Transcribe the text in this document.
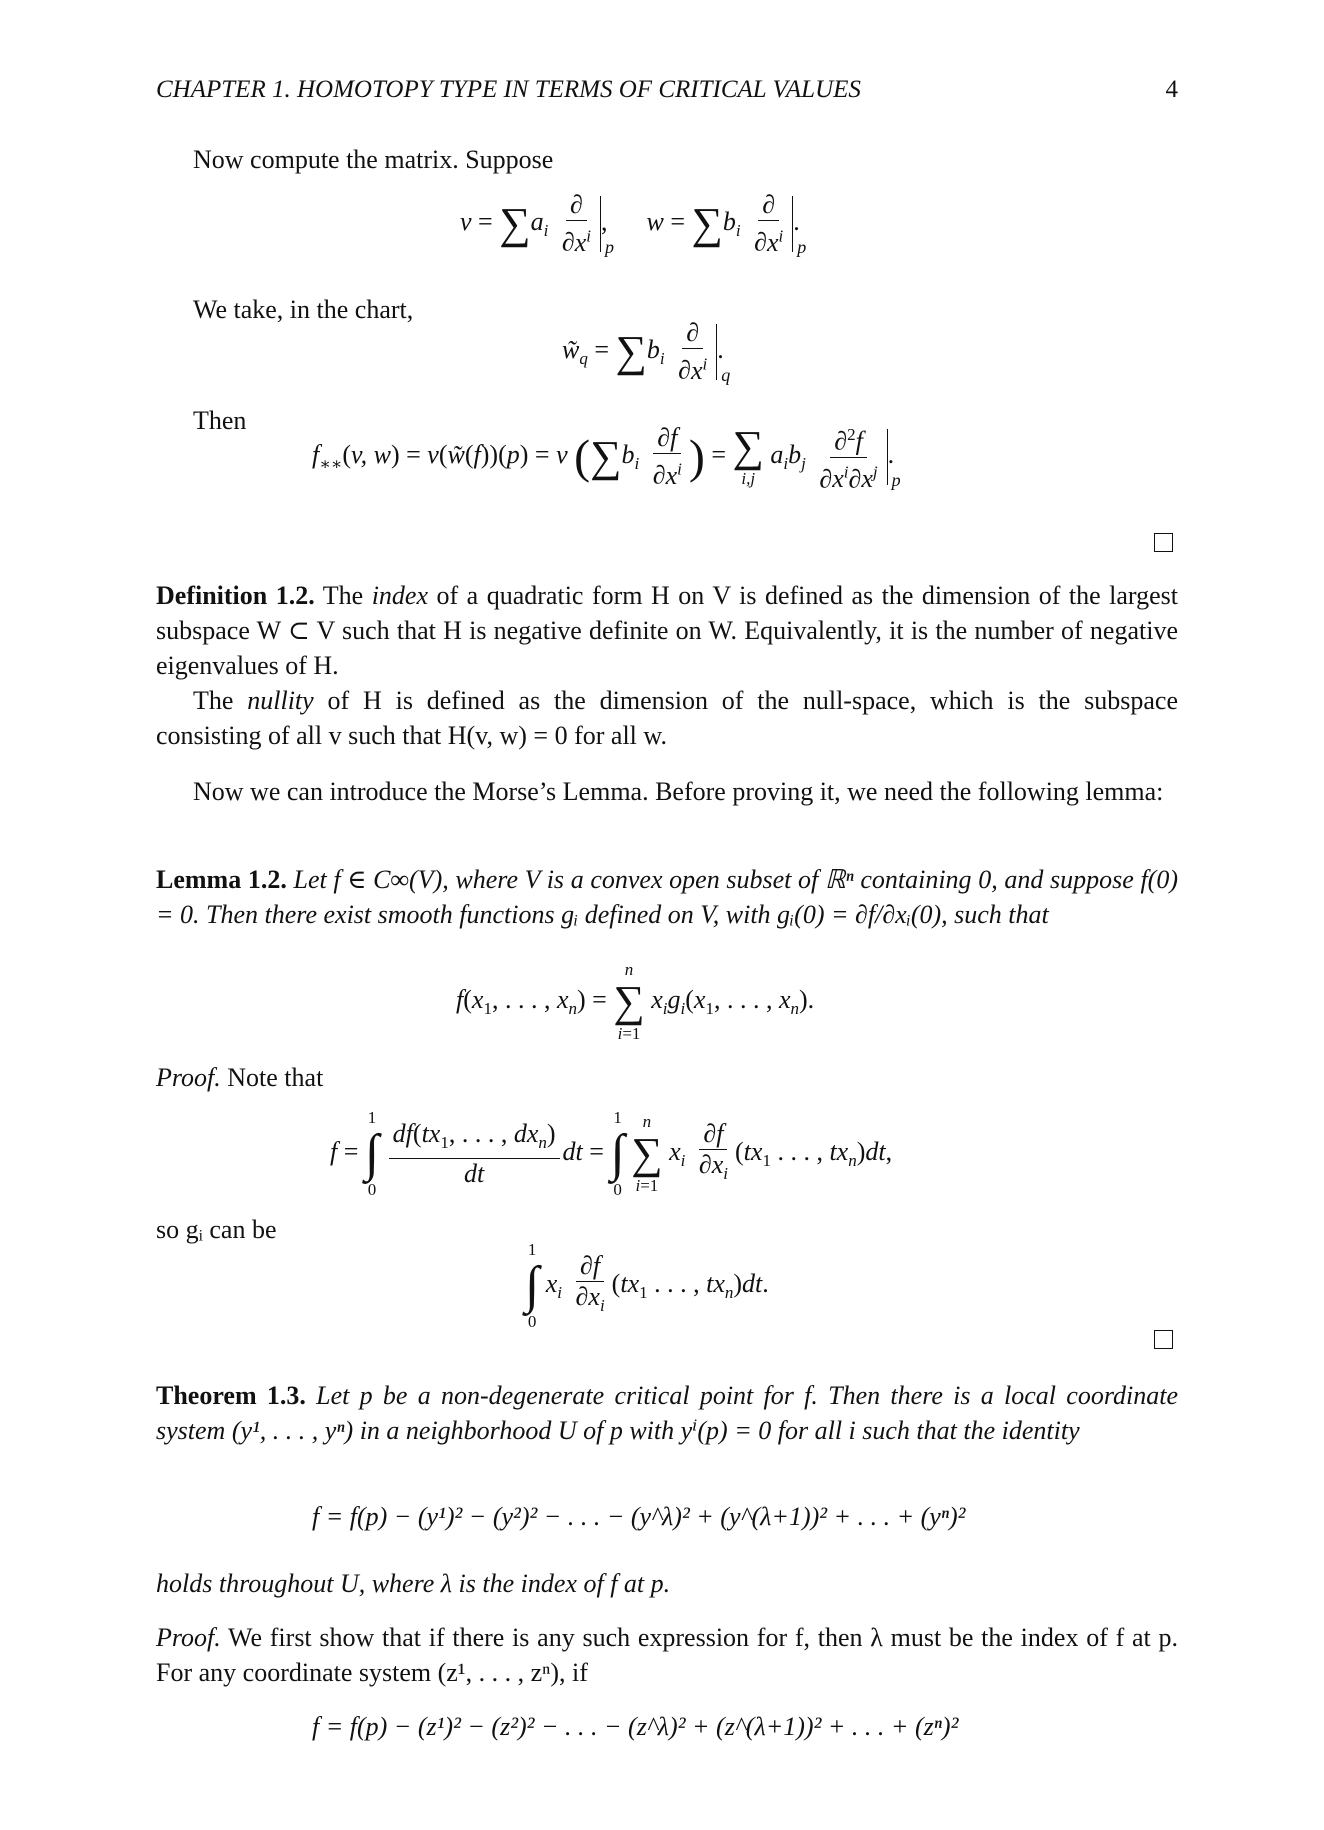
CHAPTER 1. HOMOTOPY TYPE IN TERMS OF CRITICAL VALUES	4
Now compute the matrix. Suppose
$v = \sum a_i \frac{\partial}{\partial x^i}$ p
,      $w = \sum b_i \frac{\partial}{\partial x^i}$ p
.
We take, in the chart,
$w̃_q = \sum b_i \frac{\partial}{\partial x^i}$ q
.
Then
$f_{∗∗}(v$, w) = v(w̃(f))(p) = v ($\sum b_i \frac{\partial f}{\partial x^i}$ ) = ∑
i,j
$a_ib_j \frac{\partial^2f}{\partial x^i\partial x^j}$ p
.
Definition 1.2. The index of a quadratic form H on V is defined as the dimension of the largest subspace W ⊂ V such that H is negative definite on W. Equivalently, it is the number of negative eigenvalues of H.
The nullity of H is defined as the dimension of the null-space, which is the subspace consisting of all v such that H(v, w) = 0 for all w.
Now we can introduce the Morse’s Lemma. Before proving it, we need the following lemma:
Lemma 1.2. Let f ∈ C∞(V), where V is a convex open subset of ℝⁿ containing 0, and suppose f(0) = 0. Then there exist smooth functions gᵢ defined on V, with gᵢ(0) = ∂f/∂xᵢ(0), such that
$f(x_1$, . . . , $x_n$) =
n
∑
i=1
$x_ig_i(x_1$, . . . , $x_n$).
Proof. Note that
f =
1
∫
0

$\frac{df(tx_1, . . . , dx_n)}{dt}$ dt =
1
∫
0

n
∑
i=1
$x_i \frac{\partial f}{\partial x_i} (tx_1$ . . . , $tx_n)dt$,
so gᵢ can be
1
∫
0
$x_i \frac{\partial f}{\partial x_i} (tx_1$ . . . , $tx_n)dt$.
Theorem 1.3. Let p be a non-degenerate critical point for f. Then there is a local coordinate system (y¹, . . . , yⁿ) in a neighborhood U of p with yⁱ(p) = 0 for all i such that the identity
f = f(p) − (y¹)² − (y²)² − . . . − (y^λ)² + (y^(λ+1))² + . . . + (yⁿ)²
holds throughout U, where λ is the index of f at p.
Proof. We first show that if there is any such expression for f, then λ must be the index of f at p. For any coordinate system (z¹, . . . , zⁿ), if
f = f(p) − (z¹)² − (z²)² − . . . − (z^λ)² + (z^(λ+1))² + . . . + (zⁿ)²
